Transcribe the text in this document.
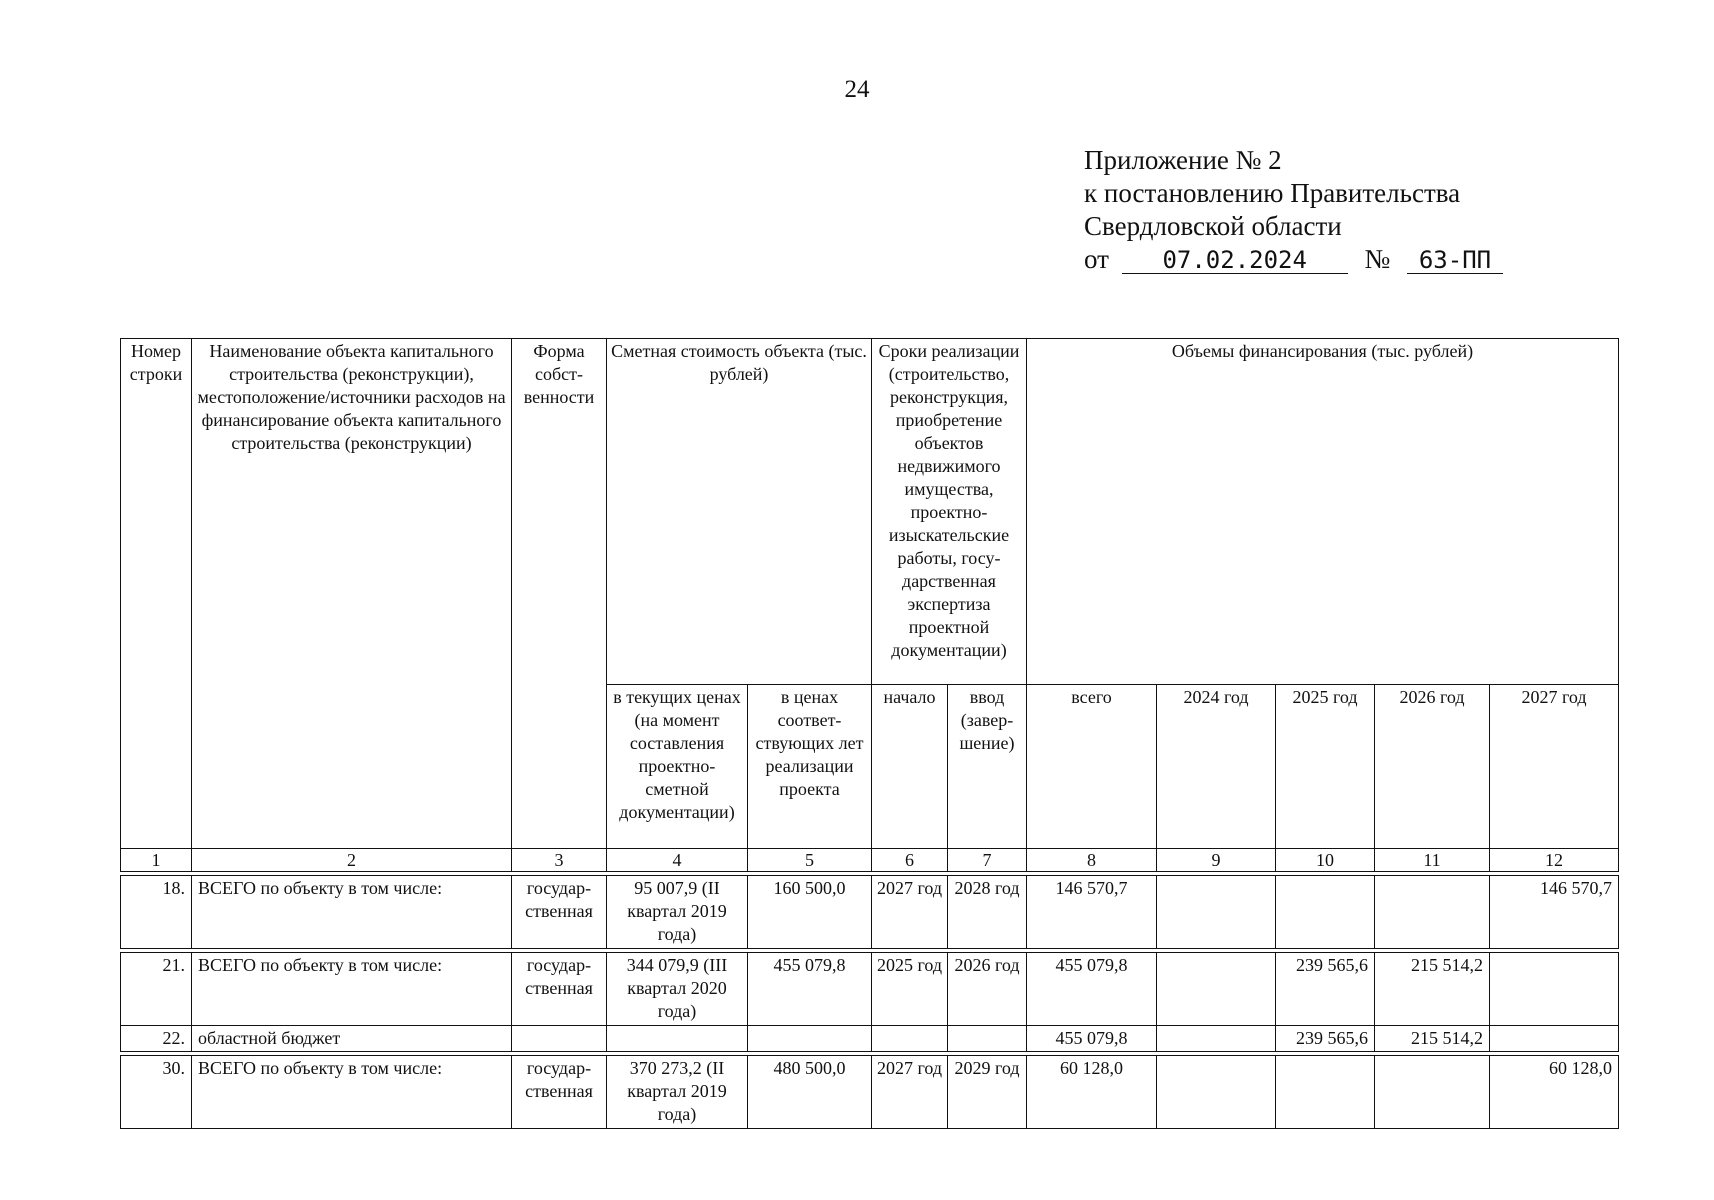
24
Приложение № 2
к постановлению Правительства
Свердловской области
от 07.02.2024 № 63-ПП
Номер строки	Наименование объекта капитального строительства (реконструкции), местоположение/источники расходов на финансирование объекта капитального строительства (реконструкции)	Форма собст- венности	Сметная стоимость объекта (тыс. рублей)		Сроки реализации (строительство, реконструкция, приобретение объектов недвижимого имущества, проектно- изыскательские работы, госу- дарственная экспертиза проектной документации)		Объемы финансирования (тыс. рублей)				
			в текущих ценах (на момент составления проектно- сметной документации)	в ценах соответ- ствующих лет реализации проекта	начало	ввод (завер- шение)	всего	2024 год	2025 год	2026 год	2027 год
1	2	3	4	5	6	7	8	9	10	11	12

18.	ВСЕГО по объекту в том числе:	государ- ственная	95 007,9 (II квартал 2019 года)	160 500,0	2027 год	2028 год	146 570,7				146 570,7

21.	ВСЕГО по объекту в том числе:	государ- ственная	344 079,9 (III квартал 2020 года)	455 079,8	2025 год	2026 год	455 079,8		239 565,6	215 514,2	
22.	областной бюджет						455 079,8		239 565,6	215 514,2	

30.	ВСЕГО по объекту в том числе:	государ- ственная	370 273,2 (II квартал 2019 года)	480 500,0	2027 год	2029 год	60 128,0				60 128,0
